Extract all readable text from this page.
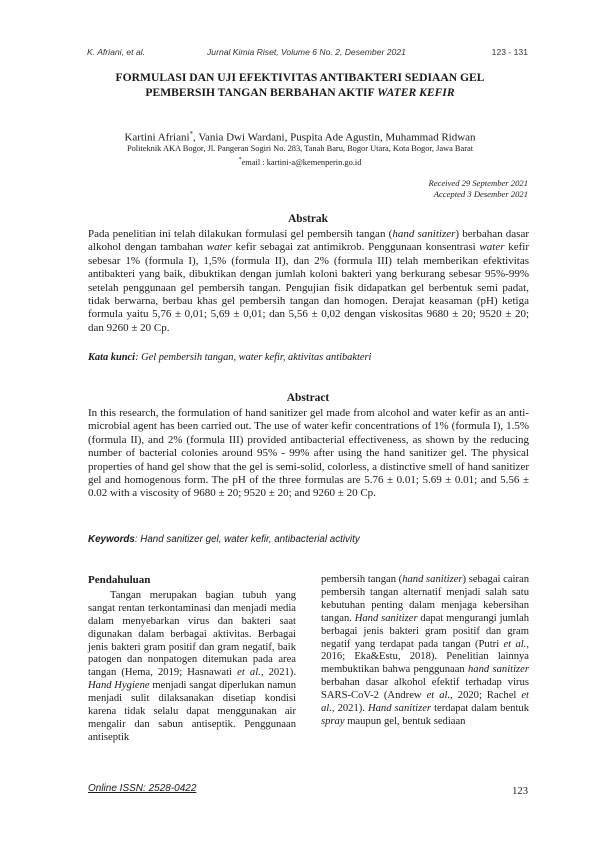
K. Afriani, et al.	Jurnal Kimia Riset, Volume 6 No. 2, Desember 2021	123 - 131
FORMULASI DAN UJI EFEKTIVITAS ANTIBAKTERI SEDIAAN GEL
PEMBERSIH TANGAN BERBAHAN AKTIF WATER KEFIR
Kartini Afriani*, Vania Dwi Wardani, Puspita Ade Agustin, Muhammad Ridwan
Politeknik AKA Bogor, Jl. Pangeran Sogiri No. 283, Tanah Baru, Bogor Utara, Kota Bogor, Jawa Barat
*email : kartini-a@kemenperin.go.id
Received 29 September 2021
Accepted 3 Desember 2021
Abstrak
Pada penelitian ini telah dilakukan formulasi gel pembersih tangan (hand sanitizer) berbahan dasar alkohol dengan tambahan water kefir sebagai zat antimikrob. Penggunaan konsentrasi water kefir sebesar 1% (formula I), 1,5% (formula II), dan 2% (formula III) telah memberikan efektivitas antibakteri yang baik, dibuktikan dengan jumlah koloni bakteri yang berkurang sebesar 95%-99% setelah penggunaan gel pembersih tangan. Pengujian fisik didapatkan gel berbentuk semi padat, tidak berwarna, berbau khas gel pembersih tangan dan homogen. Derajat keasaman (pH) ketiga formula yaitu 5,76 ± 0,01; 5,69 ± 0,01; dan 5,56 ± 0,02 dengan viskositas 9680 ± 20; 9520 ± 20; dan 9260 ± 20 Cp.
Kata kunci: Gel pembersih tangan, water kefir, aktivitas antibakteri
Abstract
In this research, the formulation of hand sanitizer gel made from alcohol and water kefir as an anti-microbial agent has been carried out. The use of water kefir concentrations of 1% (formula I), 1.5% (formula II), and 2% (formula III) provided antibacterial effectiveness, as shown by the reducing number of bacterial colonies around 95% - 99% after using the hand sanitizer gel. The physical properties of hand gel show that the gel is semi-solid, colorless, a distinctive smell of hand sanitizer gel and homogenous form. The pH of the three formulas are 5.76 ± 0.01; 5.69 ± 0.01; and 5.56 ± 0.02 with a viscosity of 9680 ± 20; 9520 ± 20; and 9260 ± 20 Cp.
Keywords: Hand sanitizer gel, water kefir, antibacterial activity
Pendahuluan

Tangan merupakan bagian tubuh yang sangat rentan terkontaminasi dan menjadi media dalam menyebarkan virus dan bakteri saat digunakan dalam berbagai aktivitas. Berbagai jenis bakteri gram positif dan gram negatif, baik patogen dan nonpatogen ditemukan pada area tangan (Hema, 2019; Hasnawati et al., 2021). Hand Hygiene menjadi sangat diperlukan namun menjadi sulit dilaksanakan disetiap kondisi karena tidak selalu dapat menggunakan air mengalir dan sabun antiseptik. Penggunaan antiseptik

pembersih tangan (hand sanitizer) sebagai cairan pembersih tangan alternatif menjadi salah satu kebutuhan penting dalam menjaga kebersihan tangan. Hand sanitizer dapat mengurangi jumlah berbagai jenis bakteri gram positif dan gram negatif yang terdapat pada tangan (Putri et al., 2016; Eka&Estu, 2018). Penelitian lainnya membuktikan bahwa penggunaan hand sanitizer berbahan dasar alkohol efektif terhadap virus SARS-CoV-2 (Andrew et al., 2020; Rachel et al., 2021). Hand sanitizer terdapat dalam bentuk spray maupun gel, bentuk sediaan

Online ISSN: 2528-0422	123
